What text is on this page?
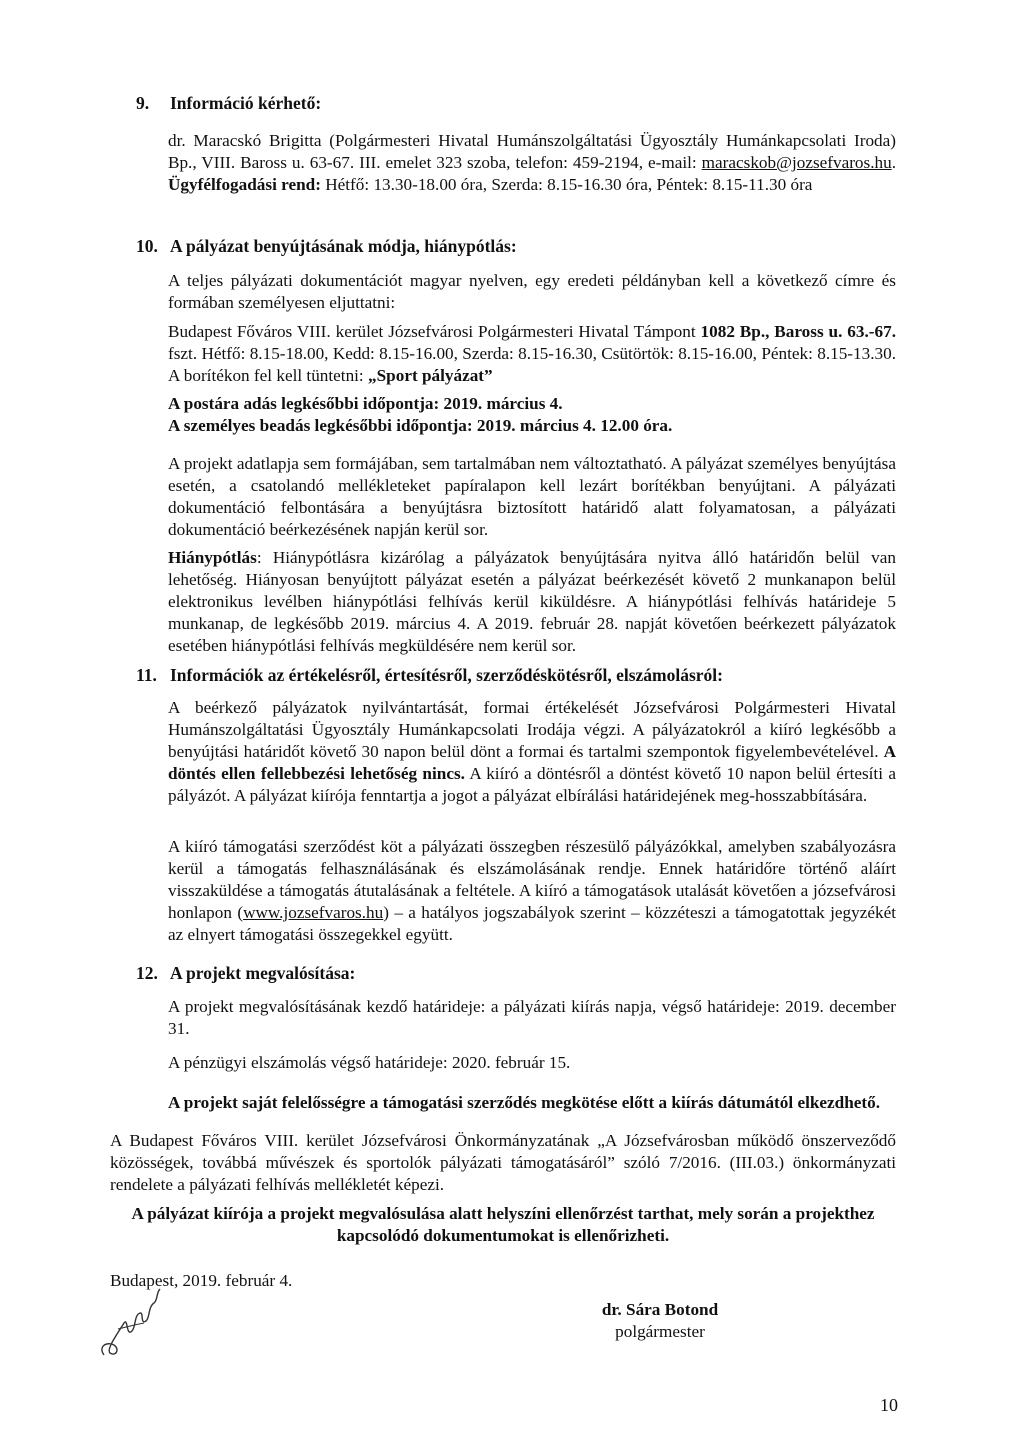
9. Információ kérhető:
dr. Maracskó Brigitta (Polgármesteri Hivatal Humánszolgáltatási Ügyosztály Humánkapcsolati Iroda) Bp., VIII. Baross u. 63-67. III. emelet 323 szoba, telefon: 459-2194, e-mail: maracskob@jozsefvaros.hu. Ügyfélfogadási rend: Hétfő: 13.30-18.00 óra, Szerda: 8.15-16.30 óra, Péntek: 8.15-11.30 óra
10. A pályázat benyújtásának módja, hiánypótlás:
A teljes pályázati dokumentációt magyar nyelven, egy eredeti példányban kell a következő címre és formában személyesen eljuttatni:
Budapest Főváros VIII. kerület Józsefvárosi Polgármesteri Hivatal Támpont 1082 Bp., Baross u. 63.-67. fszt. Hétfő: 8.15-18.00, Kedd: 8.15-16.00, Szerda: 8.15-16.30, Csütörtök: 8.15-16.00, Péntek: 8.15-13.30. A borítékon fel kell tüntetni: „Sport pályázat”
A postára adás legkésőbbi időpontja: 2019. március 4.
A személyes beadás legkésőbbi időpontja: 2019. március 4. 12.00 óra.
A projekt adatlapja sem formájában, sem tartalmában nem változtatható. A pályázat személyes benyújtása esetén, a csatolandó mellékleteket papíralapon kell lezárt borítékban benyújtani. A pályázati dokumentáció felbontására a benyújtásra biztosított határidő alatt folyamatosan, a pályázati dokumentáció beérkezésének napján kerül sor.
Hiánypótlás: Hiánypótlásra kizárólag a pályázatok benyújtására nyitva álló határidőn belül van lehetőség. Hiányosan benyújtott pályázat esetén a pályázat beérkezését követő 2 munkanapon belül elektronikus levélben hiánypótlási felhívás kerül kiküldésre. A hiánypótlási felhívás határideje 5 munkanap, de legkésőbb 2019. március 4. A 2019. február 28. napját követően beérkezett pályázatok esetében hiánypótlási felhívás megküldésére nem kerül sor.
11. Információk az értékelésről, értesítésről, szerződéskötésről, elszámolásról:
A beérkező pályázatok nyilvántartását, formai értékelését Józsefvárosi Polgármesteri Hivatal Humánszolgáltatási Ügyosztály Humánkapcsolati Irodája végzi. A pályázatokról a kiíró legkésőbb a benyújtási határidőt követő 30 napon belül dönt a formai és tartalmi szempontok figyelembevételével. A döntés ellen fellebbezési lehetőség nincs. A kiíró a döntésről a döntést követő 10 napon belül értesíti a pályázót. A pályázat kiírója fenntartja a jogot a pályázat elbírálási határidejének meg-hosszabbítására.
A kiíró támogatási szerződést köt a pályázati összegben részesülő pályázókkal, amelyben szabályozásra kerül a támogatás felhasználásának és elszámolásának rendje. Ennek határidőre történő aláírt visszaküldése a támogatás átutalásának a feltétele. A kiíró a támogatások utalását követően a józsefvárosi honlapon (www.jozsefvaros.hu) – a hatályos jogszabályok szerint – közzéteszi a támogatottak jegyzékét az elnyert támogatási összegekkel együtt.
12. A projekt megvalósítása:
A projekt megvalósításának kezdő határideje: a pályázati kiírás napja, végső határideje: 2019. december 31.
A pénzügyi elszámolás végső határideje: 2020. február 15.
A projekt saját felelősségre a támogatási szerződés megkötése előtt a kiírás dátumától elkezdhető.
A Budapest Főváros VIII. kerület Józsefvárosi Önkormányzatának „A Józsefvárosban működő önszerveződő közösségek, továbbá művészek és sportolók pályázati támogatásáról” szóló 7/2016. (III.03.) önkormányzati rendelete a pályázati felhívás mellékletét képezi.
A pályázat kiírója a projekt megvalósulása alatt helyszíni ellenőrzést tarthat, mely során a projekthez kapcsolódó dokumentumokat is ellenőrizheti.
Budapest, 2019. február 4.
dr. Sára Botond
polgármester
10
